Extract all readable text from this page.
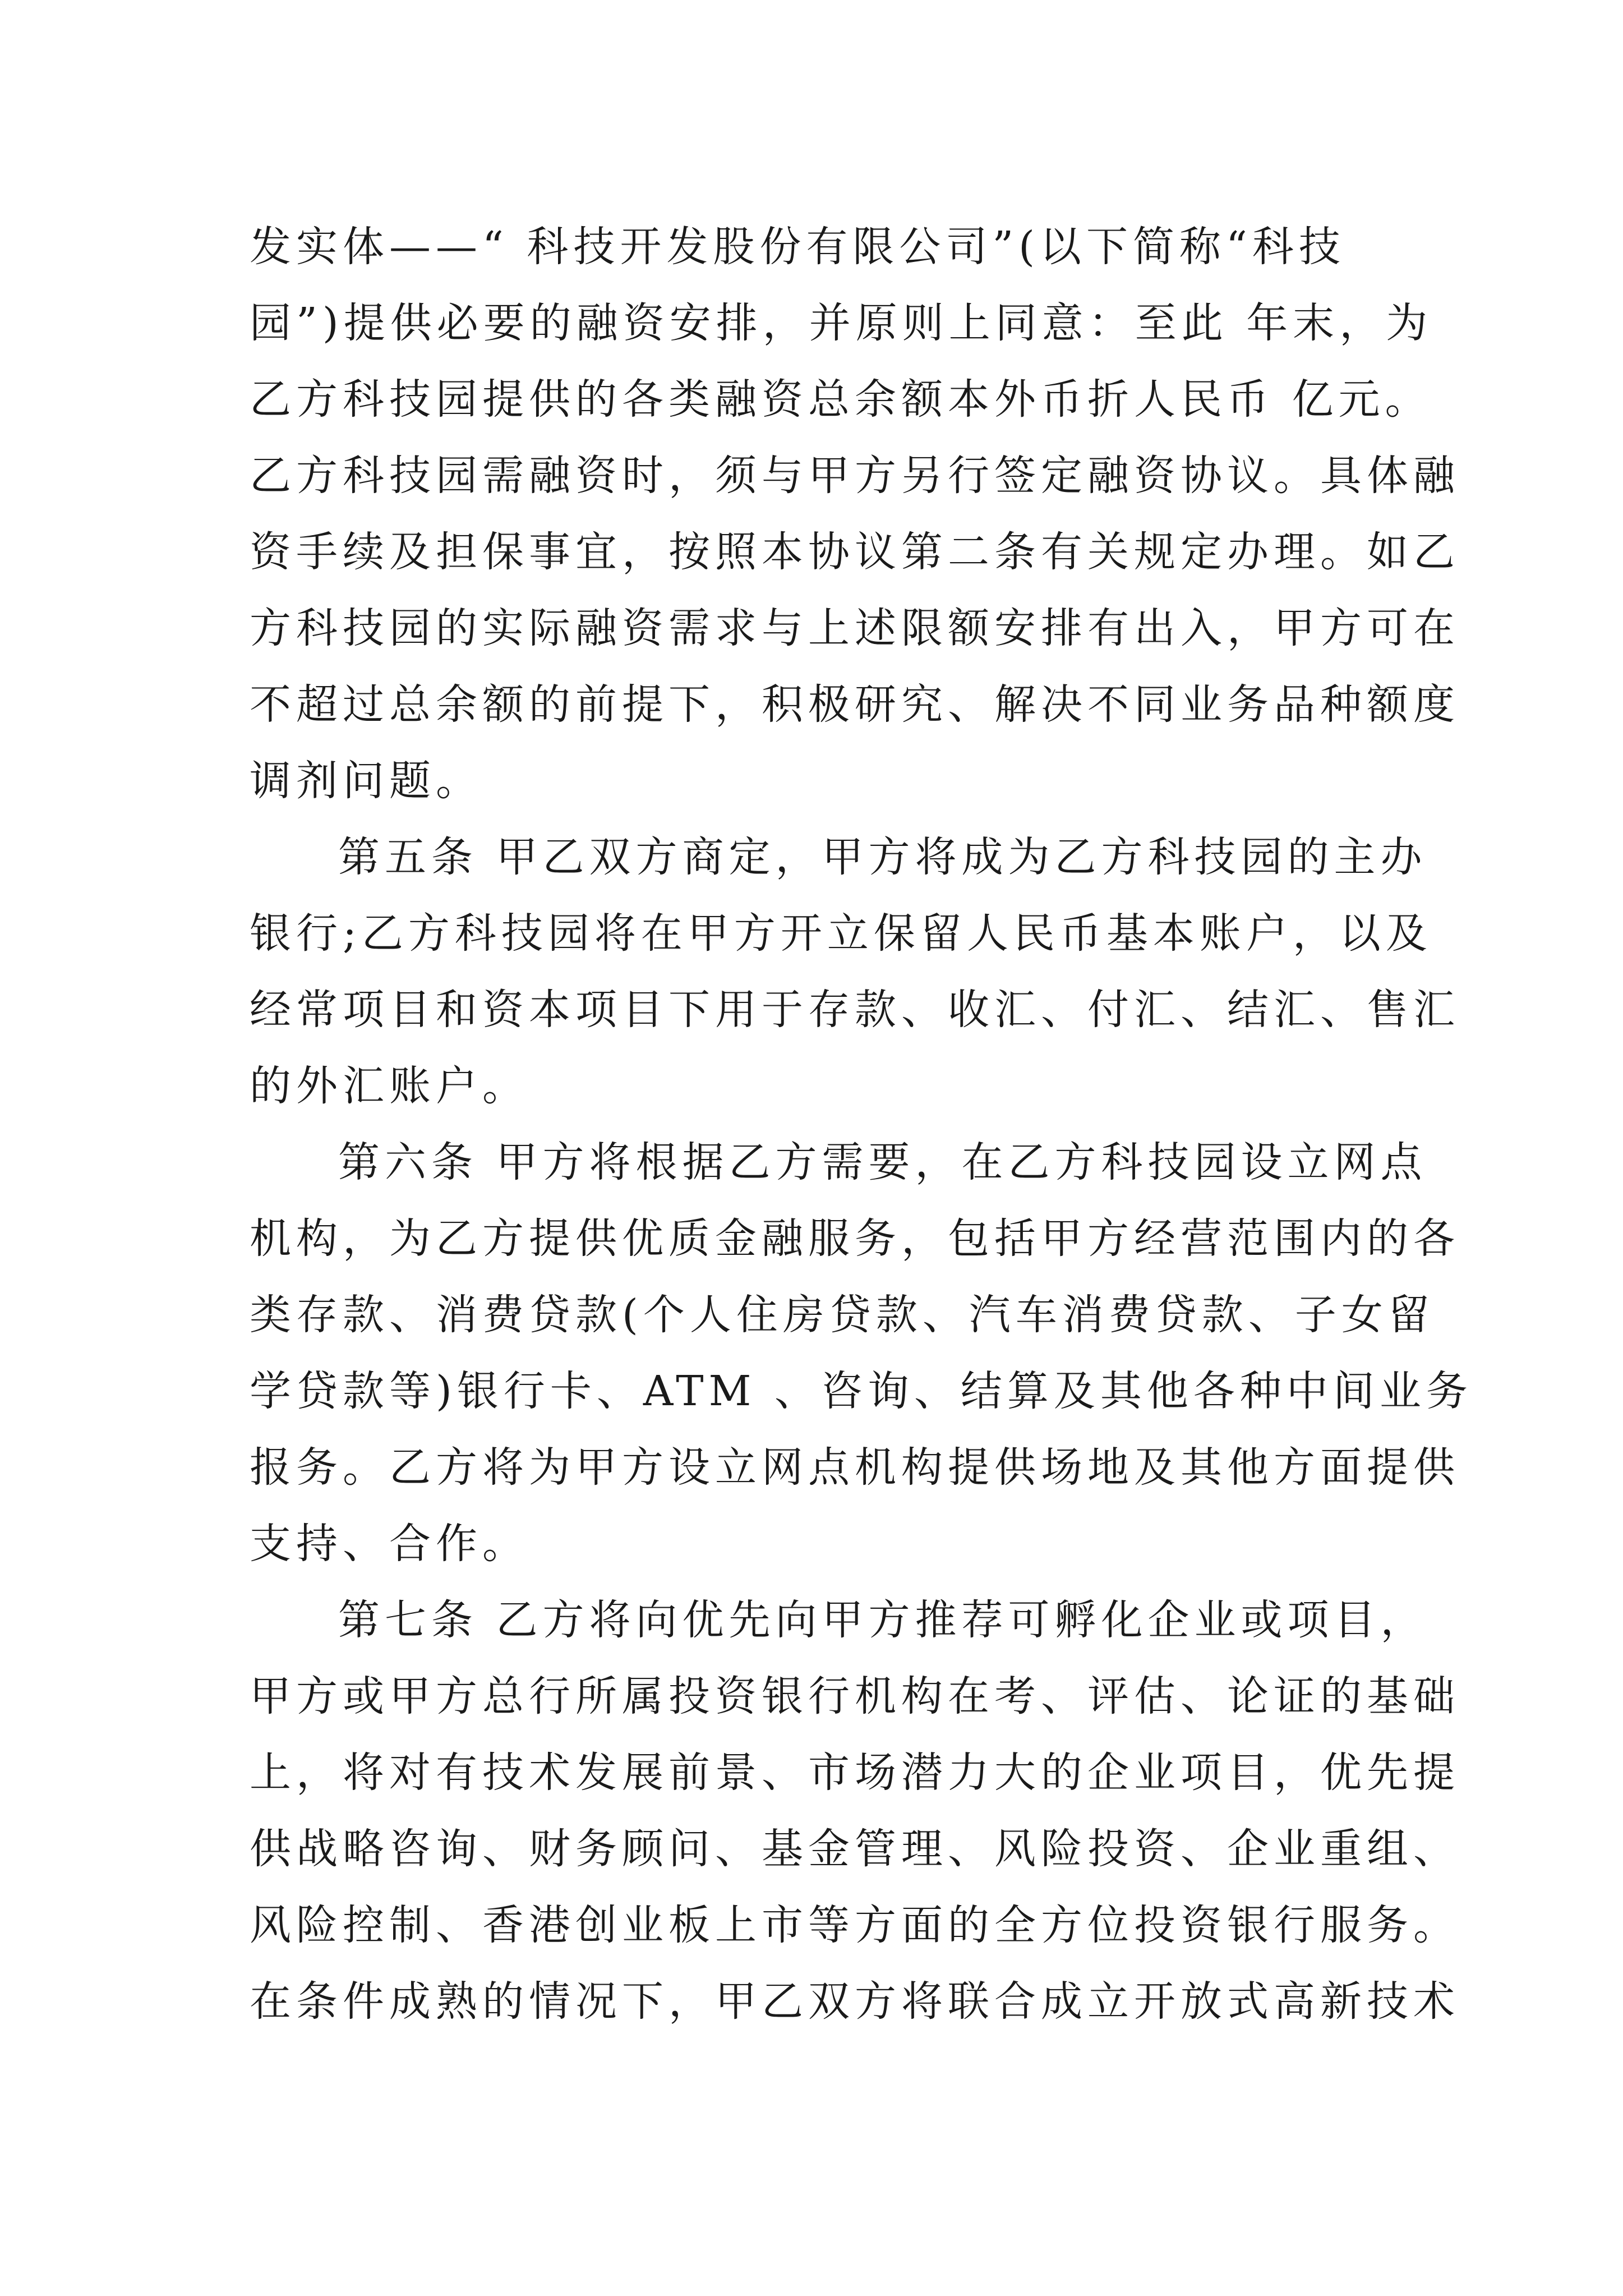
发实体——“ 科技开发股份有限公司”(以下简称“科技
园”)提供必要的融资安排，并原则上同意：至此 年末，为
乙方科技园提供的各类融资总余额本外币折人民币 亿元。
乙方科技园需融资时，须与甲方另行签定融资协议。具体融
资手续及担保事宜，按照本协议第二条有关规定办理。如乙
方科技园的实际融资需求与上述限额安排有出入，甲方可在
不超过总余额的前提下，积极研究、解决不同业务品种额度
调剂问题。
第五条 甲乙双方商定，甲方将成为乙方科技园的主办
银行;乙方科技园将在甲方开立保留人民币基本账户，以及
经常项目和资本项目下用于存款、收汇、付汇、结汇、售汇
的外汇账户。
第六条 甲方将根据乙方需要，在乙方科技园设立网点
机构，为乙方提供优质金融服务，包括甲方经营范围内的各
类存款、消费贷款(个人住房贷款、汽车消费贷款、子女留
学贷款等)银行卡、ATM 、咨询、结算及其他各种中间业务
报务。乙方将为甲方设立网点机构提供场地及其他方面提供
支持、合作。
第七条 乙方将向优先向甲方推荐可孵化企业或项目，
甲方或甲方总行所属投资银行机构在考、评估、论证的基础
上，将对有技术发展前景、市场潜力大的企业项目，优先提
供战略咨询、财务顾问、基金管理、风险投资、企业重组、
风险控制、香港创业板上市等方面的全方位投资银行服务。
在条件成熟的情况下，甲乙双方将联合成立开放式高新技术
